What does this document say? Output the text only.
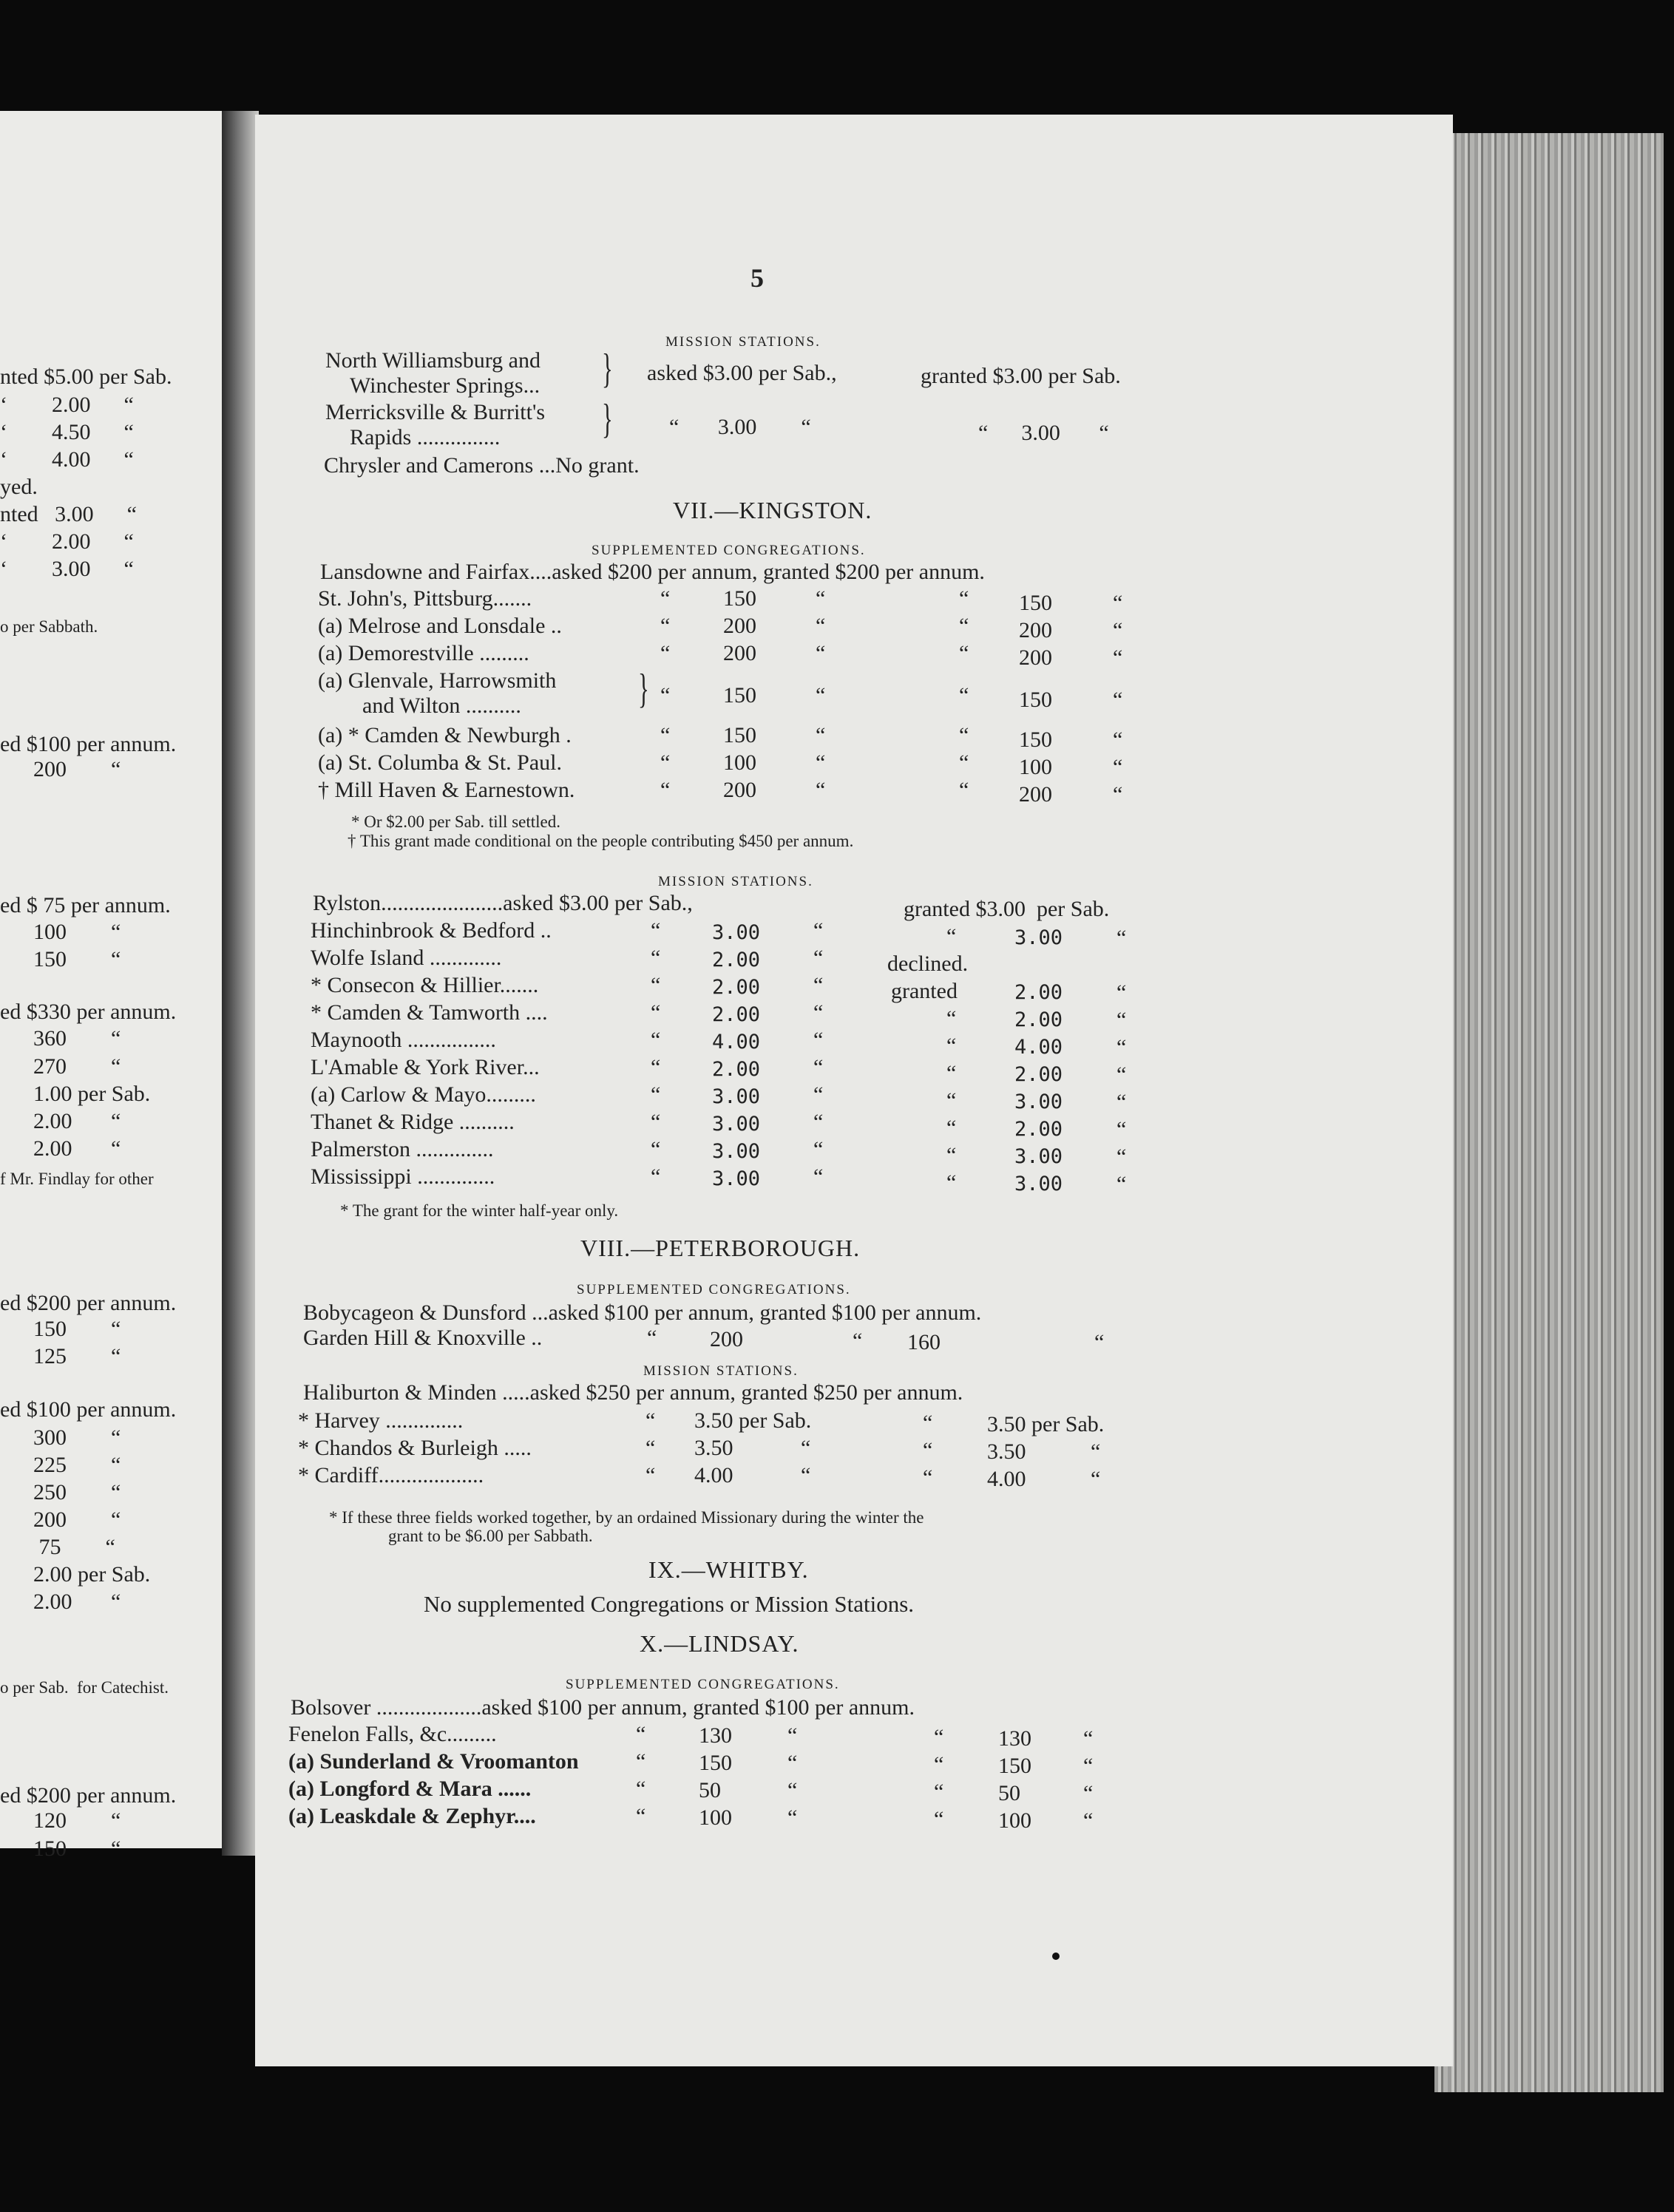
nted $5.00 per Sab.
‘        2.00      “
‘        4.50      “
‘        4.00      “
yed.
nted   3.00      “
‘        2.00      “
‘        3.00      “
o per Sabbath.
ed $100 per annum.
200        “
ed $ 75 per annum.
100        “
150        “
ed $330 per annum.
360        “
270        “
1.00 per Sab.
2.00       “
2.00       “
f Mr. Findlay for other
ed $200 per annum.
150        “
125        “
ed $100 per annum.
300        “
225        “
250        “
200        “
75        “
2.00 per Sab.
2.00       “
o per Sab.  for Catechist.
ed $200 per annum.
120        “
150        “
5
MISSION STATIONS.
North Williamsburg and
Winchester Springs... } asked $3.00 per Sab.,	granted $3.00 per Sab.
Merricksville & Burritt's
Rapids ............... }	“       3.00        “	“      3.00       “
Chrysler and Camerons ...No grant.
VII.—KINGSTON.
SUPPLEMENTED CONGREGATIONS.
Lansdowne and Fairfax....asked $200 per annum, granted $200 per annum.
St. John's, Pittsburg.......	“ 150	“	“ 150	“
(a) Melrose and Lonsdale ..	“ 200	“	“ 200	“
(a) Demorestville .........	“ 200	“	“ 200	“
(a) Glenvale, Harrowsmith
and Wilton ..........	} “ 150	“	“ 150	“
(a) * Camden & Newburgh .	“ 150	“	“ 150	“
(a) St. Columba & St. Paul.	“ 100	“	“ 100	“
† Mill Haven & Earnestown.	“ 200	“	“ 200	“
* Or $2.00 per Sab. till settled.
† This grant made conditional on the people contributing $450 per annum.
MISSION STATIONS.
Rylston......................asked $3.00 per Sab.,	granted $3.00  per Sab.
Hinchinbrook & Bedford ..	“	3.00 “	“	3.00 “
Wolfe Island .............	“	2.00 “	declined.
* Consecon & Hillier.......	“	2.00 “	granted	2.00 “
* Camden & Tamworth ....	“	2.00 “	“	2.00 “
Maynooth ................	“	4.00 “	“	4.00 “
L'Amable & York River...	“	2.00 “	“	2.00 “
(a) Carlow & Mayo.........	“	3.00 “	“	3.00 “
Thanet & Ridge ..........	“	3.00 “	“	2.00 “
Palmerston ..............	“	3.00 “	“	3.00 “
Mississippi ..............	“	3.00 “	“	3.00 “
* The grant for the winter half-year only.
VIII.—PETERBOROUGH.
SUPPLEMENTED CONGREGATIONS.
Bobycageon & Dunsford ...asked $100 per annum, granted $100 per annum.
Garden Hill & Knoxville ..	“ 200	“ 160	“
MISSION STATIONS.
Haliburton & Minden .....asked $250 per annum, granted $250 per annum.
* Harvey ..............	“ 3.50 per Sab.	“ 3.50 per Sab.
* Chandos & Burleigh .....	“ 3.50	“	“ 3.50	“
* Cardiff...................	“ 4.00	“	“ 4.00	“
* If these three fields worked together, by an ordained Missionary during the winter the
grant to be $6.00 per Sabbath.
IX.—WHITBY.
No supplemented Congregations or Mission Stations.
X.—LINDSAY.
SUPPLEMENTED CONGREGATIONS.
Bolsover ...................asked $100 per annum, granted $100 per annum.
Fenelon Falls, &c.........	“ 130	“	“ 130 “
(a) Sunderland & Vroomanton	“ 150	“	“ 150 “
(a) Longford & Mara ......	“ 50	“	“ 50	“
(a) Leaskdale & Zephyr....	“ 100	“	“ 100 “
